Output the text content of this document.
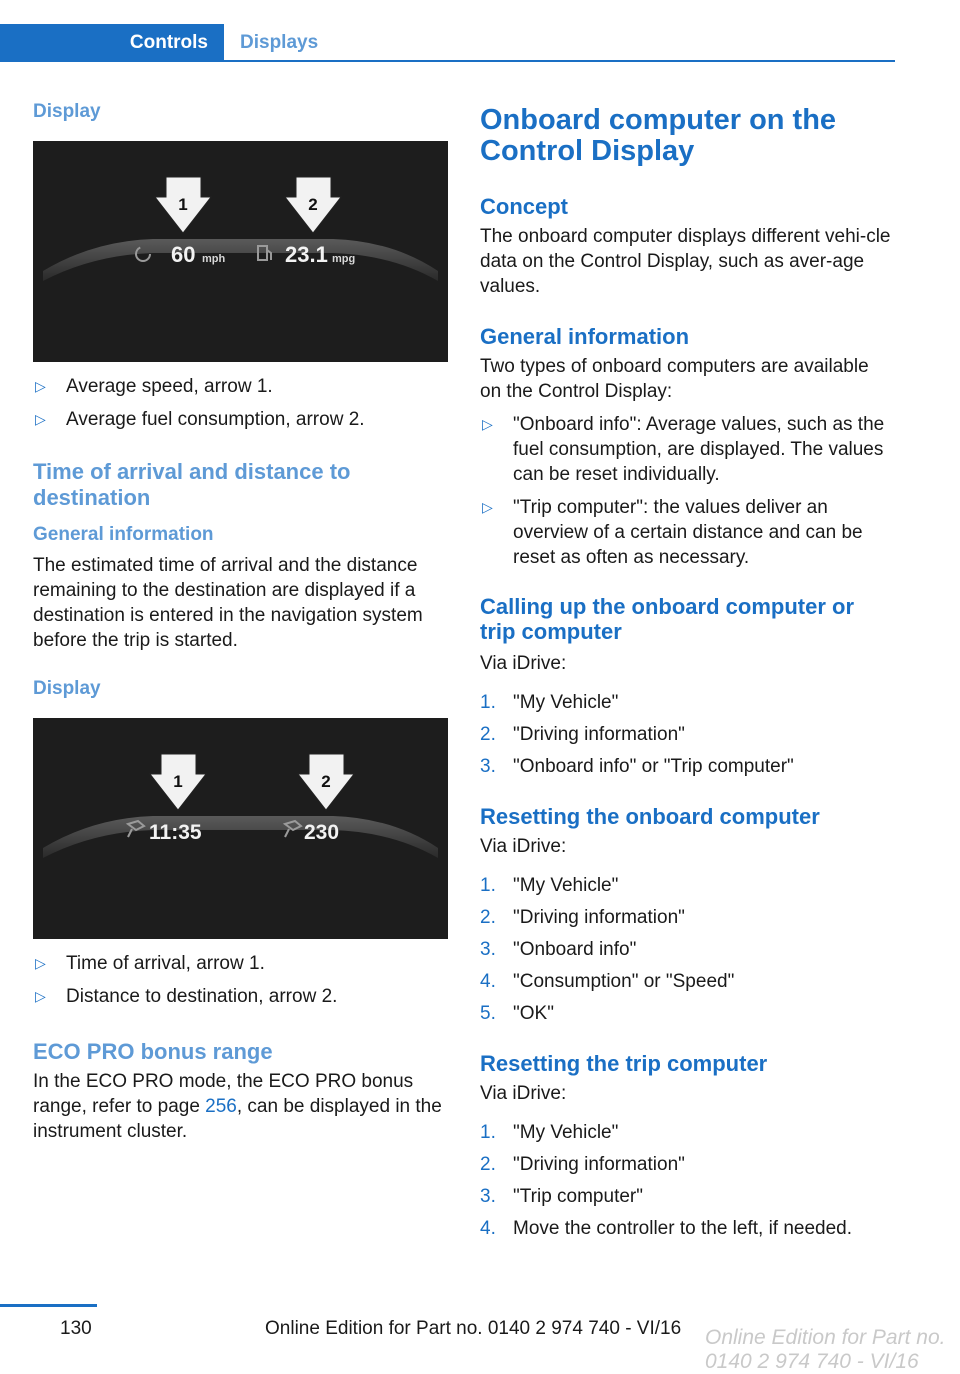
Controls	Displays
Display
1	2
60 mph	23.1 mpg
▷ Average speed, arrow 1.
▷ Average fuel consumption, arrow 2.
Time of arrival and distance to destination
General information

The estimated time of arrival and the distance remaining to the destination are displayed if a destination is entered in the navigation system before the trip is started.

Display
1	2
11:35	230
▷ Time of arrival, arrow 1.
▷ Distance to destination, arrow 2.
ECO PRO bonus range

In the ECO PRO mode, the ECO PRO bonus range, refer to page 256, can be displayed in the instrument cluster.

Onboard computer on the Control Display
Concept

The onboard computer displays different vehi‐cle data on the Control Display, such as aver‐age values.

General information

Two types of onboard computers are available on the Control Display:

▷ "Onboard info": Average values, such as the fuel consumption, are displayed. The values can be reset individually.
▷ "Trip computer": the values deliver an overview of a certain distance and can be reset as often as necessary.
Calling up the onboard computer or trip computer

Via iDrive:

1. "My Vehicle"
2. "Driving information"
3. "Onboard info" or "Trip computer"
Resetting the onboard computer

Via iDrive:

1. "My Vehicle"
2. "Driving information"
3. "Onboard info"
4. "Consumption" or "Speed"
5. "OK"
Resetting the trip computer

Via iDrive:

1. "My Vehicle"
2. "Driving information"
3. "Trip computer"
4. Move the controller to the left, if needed.
130	Online Edition for Part no. 0140 2 974 740 - VI/16 Online Edition for Part no. 0140 2 974 740 - VI/16
